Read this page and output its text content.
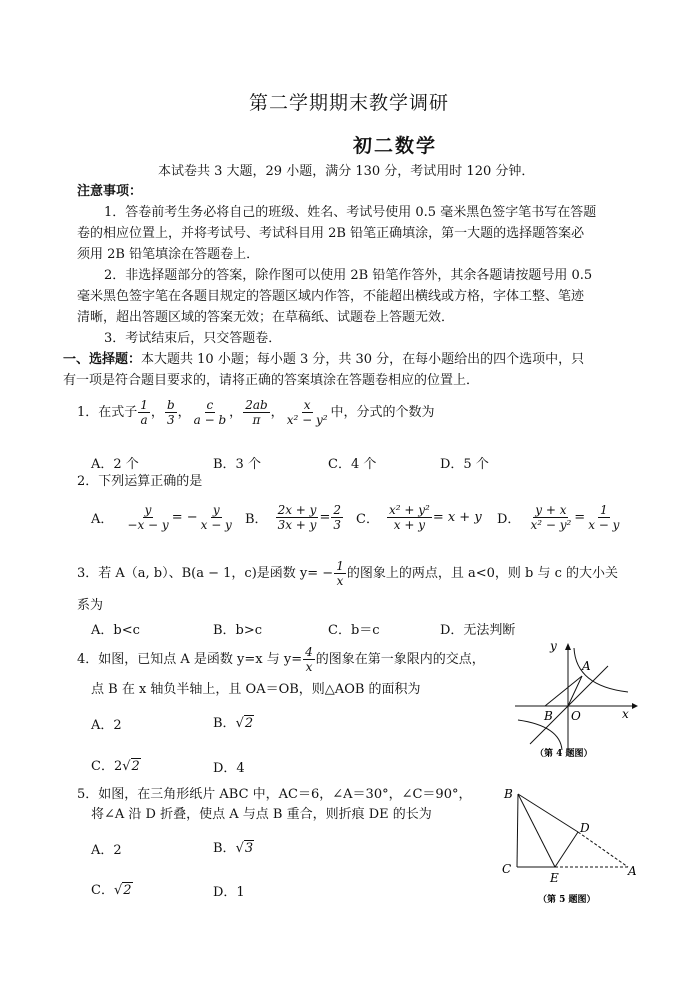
第二学期期末教学调研
初二数学
本试卷共 3 大题，29 小题，满分 130 分，考试用时 120 分钟．
注意事项：
1．答卷前考生务必将自己的班级、姓名、考试号使用 0.5 毫米黑色签字笔书写在答题
卷的相应位置上，并将考试号、考试科目用 2B 铅笔正确填涂，第一大题的选择题答案必
须用 2B 铅笔填涂在答题卷上．
2．非选择题部分的答案，除作图可以使用 2B 铅笔作答外，其余各题请按题号用 0.5
毫米黑色签字笔在各题目规定的答题区域内作答，不能超出横线或方格，字体工整、笔迹
清晰，超出答题区域的答案无效；在草稿纸、试题卷上答题无效．
3．考试结束后，只交答题卷．
一、选择题：本大题共 10 小题；每小题 3 分，共 30 分，在每小题给出的四个选项中，只
有一项是符合题目要求的，请将正确的答案填涂在答题卷相应的位置上．
1．在式子 $\frac{1}{a}$ ， $\frac{b}{3}$ ， $\frac{c}{a - b}$ ， $\frac{2ab}{\pi}$ ， $\frac{x}{\text{x² − y²}}$ 中，分式的个数为
A．2 个	B．3 个	C．4 个	D．5 个
2．下列运算正确的是
A． $\frac{y}{-x - y}$ = − $\frac{y}{x - y}$ B． $\frac{2x + y}{3x + y} = \frac{2}{3}$ C． $\frac{\text{x² + y²}}{x + y} = x + y$ D． $\frac{y + x}{\text{x² − y²}} = \frac{1}{x - y}$
3．若 A（a, b）、B(a − 1，c)是函数 $y= - \frac{1}{x}$ 的图象上的两点，且 a<0，则 b 与 c 的大小关
系为
A．b<c	B．b>c	C．b＝c	D．无法判断
4．如图，已知点 A 是函数 y=x 与 $y= \frac{4}{x}$ 的图象在第一象限内的交点，
点 B 在 x 轴负半轴上，且 OA＝OB，则△AOB 的面积为
A．2	B．√2
C．2√2	D．4
y
x
A
B O
（第 4 题图）
5．如图，在三角形纸片 ABC 中，AC＝6，∠A＝30°，∠C＝90°，
将∠A 沿 D 折叠，使点 A 与点 B 重合，则折痕 DE 的长为
A．2	B．√3
C．√2	D．1
B
C
D
E	A
（第 5 题图）
